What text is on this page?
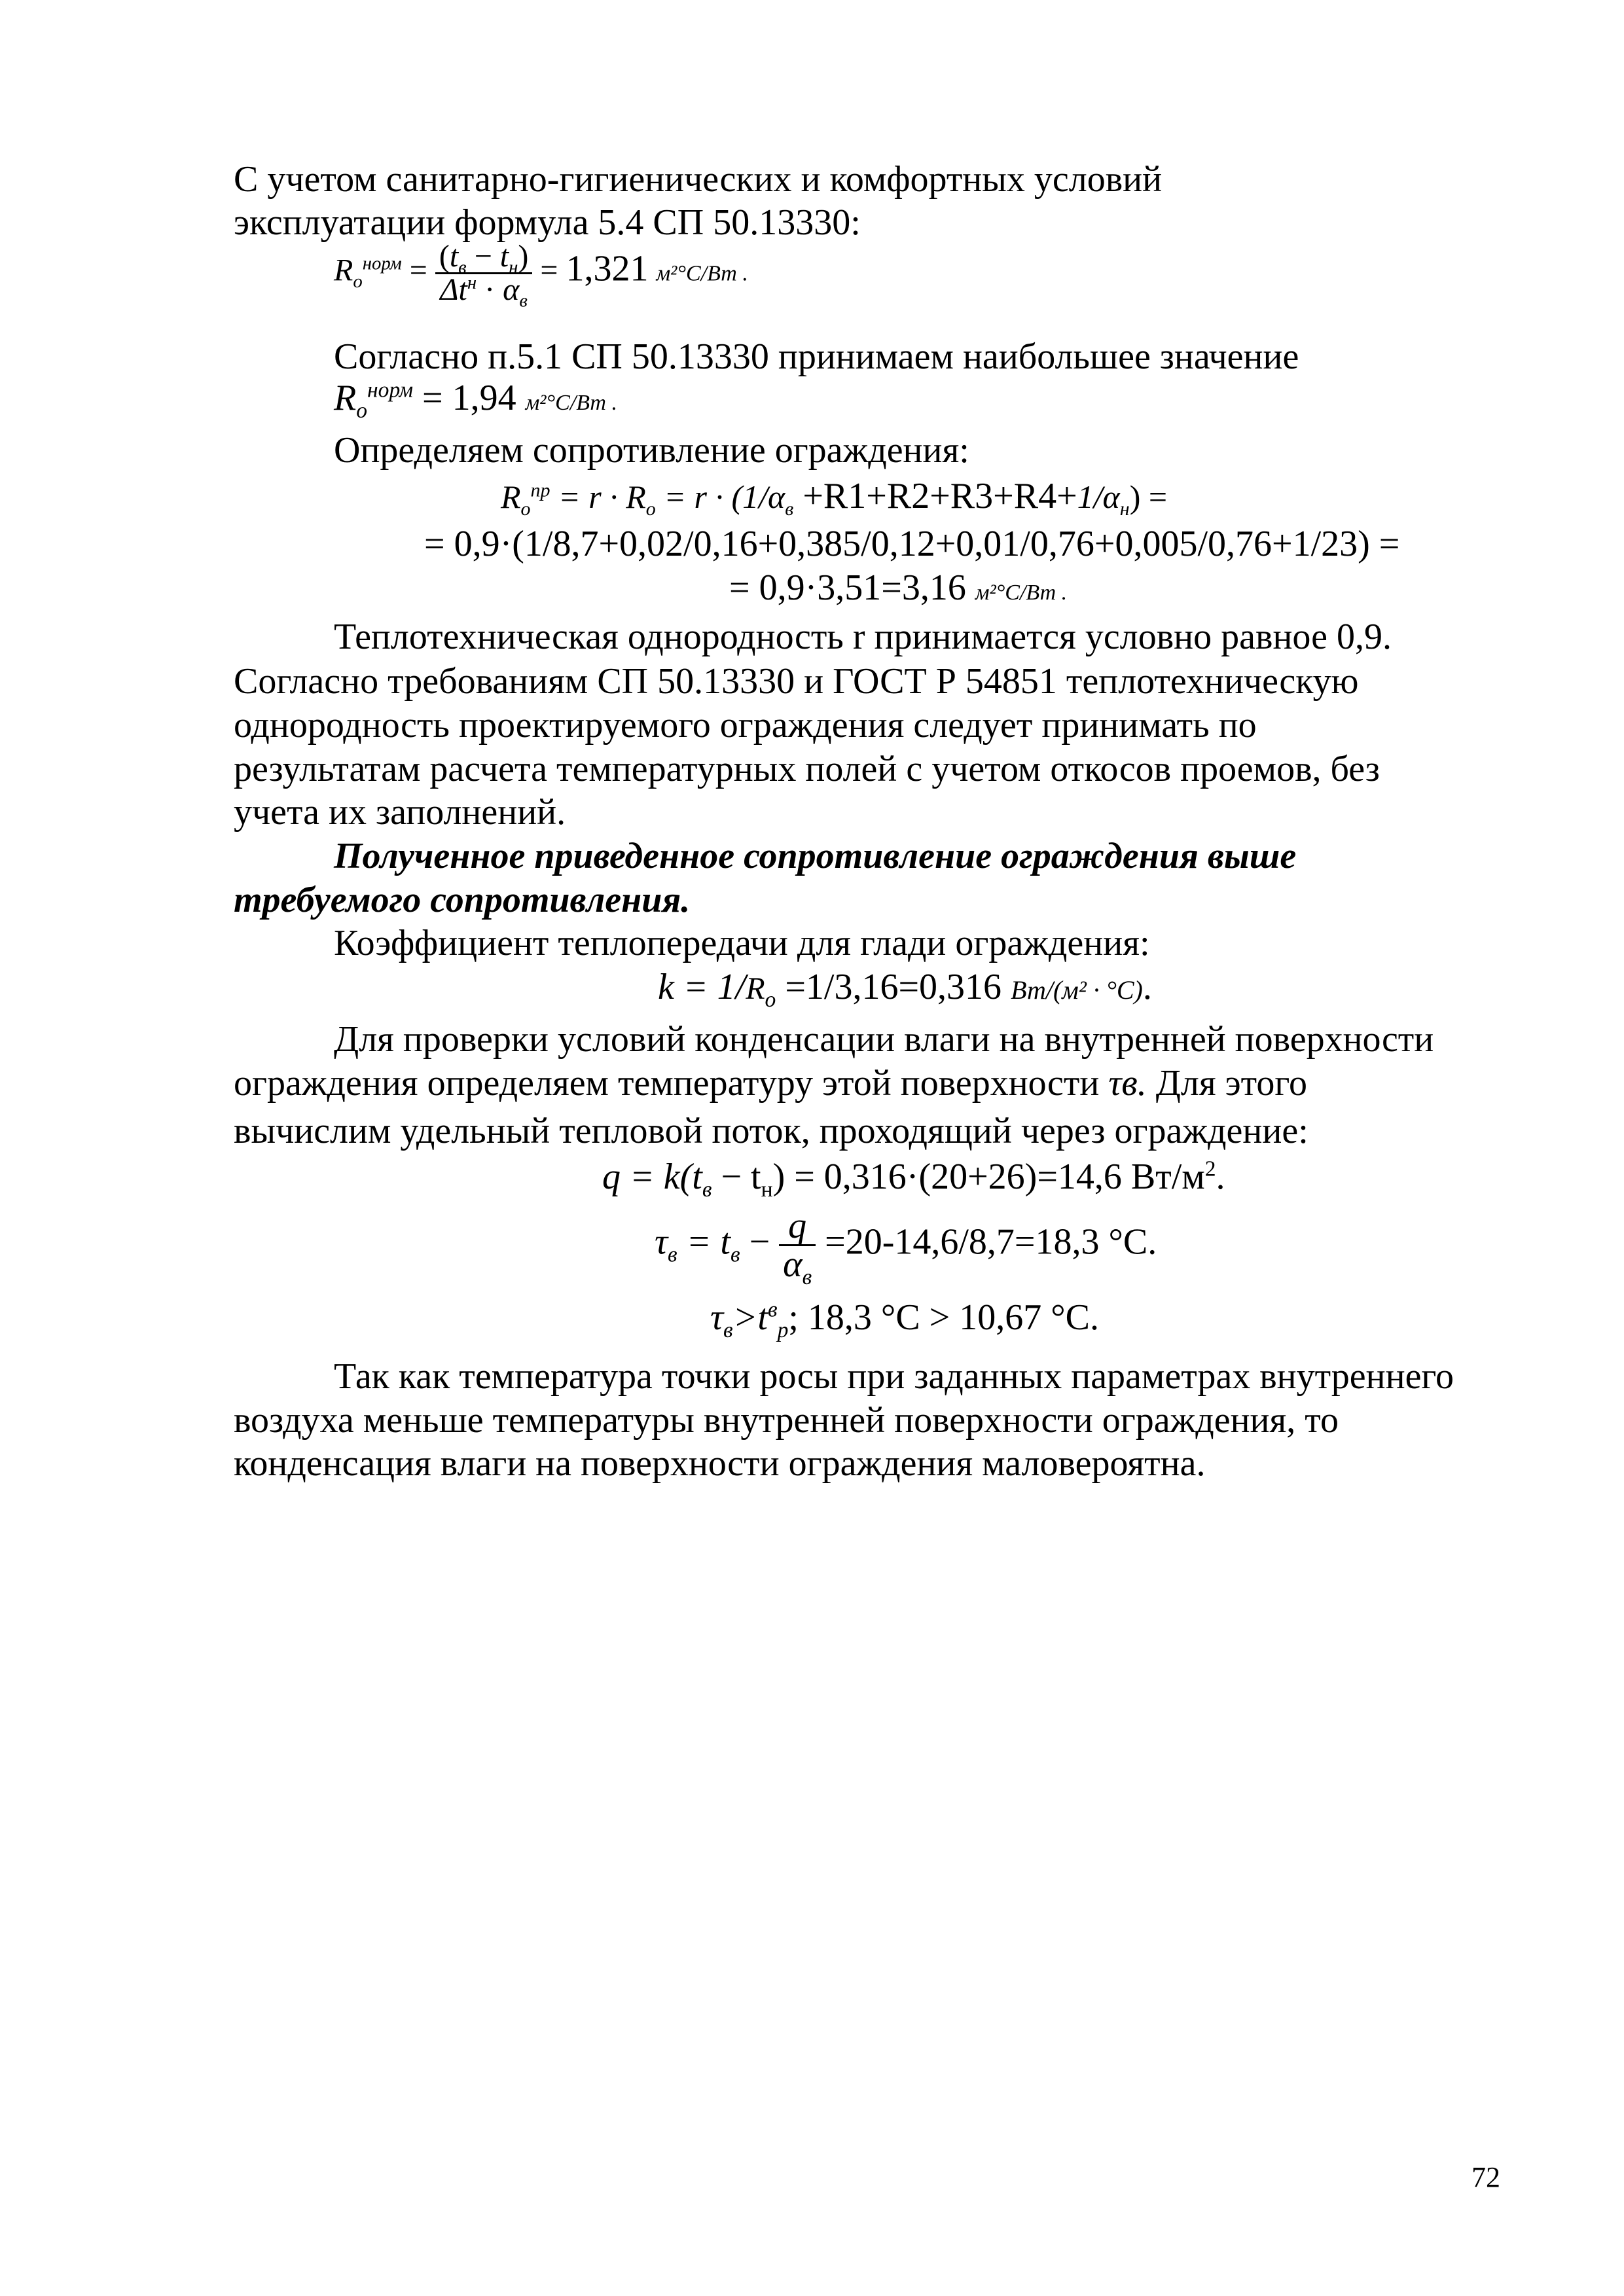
С учетом санитарно-гигиенических и комфортных условий
эксплуатации формула 5.4 СП 50.13330:
$R_o^{норм} = \frac{(t_в - t_н)}{\Delta t^н \cdot \alpha_в} = 1,321$ м²°C/Вт .
Согласно п.5.1 СП 50.13330 принимаем наибольшее значение
$R_o^{норм} = 1,94$ м²°C/Вт .
Определяем сопротивление ограждения:
$R_o^{пр} = r \cdot R_o = r \cdot (1/\alpha_в +R1+R2+R3+R4+1/\alpha_н)$ =
= 0,9·(1/8,7+0,02/0,16+0,385/0,12+0,01/0,76+0,005/0,76+1/23) =
= 0,9·3,51=3,16 м²°C/Вт .
Теплотехническая однородность r принимается условно равное 0,9.
Согласно требованиям СП 50.13330 и ГОСТ Р 54851 теплотехническую
однородность проектируемого ограждения следует принимать по
результатам расчета температурных полей с учетом откосов проемов, без
учета их заполнений.
Полученное приведенное сопротивление ограждения выше
требуемого сопротивления.
Коэффициент теплопередачи для глади ограждения:
$k = 1/R_o =1/3,16=0,316$ Вт/(м² · °C).
Для проверки условий конденсации влаги на внутренней поверхности
ограждения определяем температуру этой поверхности τв. Для этого
вычислим удельный тепловой поток, проходящий через ограждение:
$q = k(t_в - t_н) = 0,316\cdot(20+26)=14,6$ $Вт/м^2$.
$\tau_в = t_в - \frac{q}{\alpha_в} =20-14,6/8,7=18,3$ °C.
$\tau_в>t^в_р$; 18,3 °C > 10,67 °C.
Так как температура точки росы при заданных параметрах внутреннего
воздуха меньше температуры внутренней поверхности ограждения, то
конденсация влаги на поверхности ограждения маловероятна.
72
